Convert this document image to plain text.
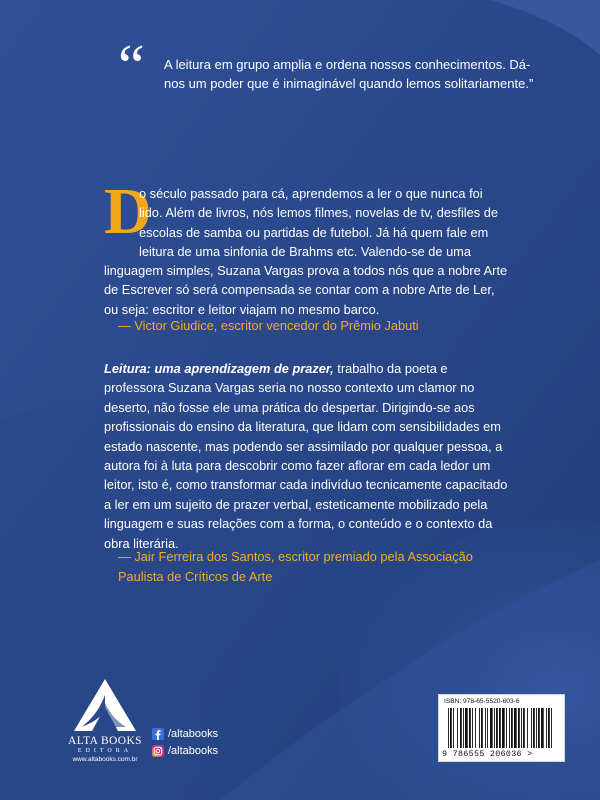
“ A leitura em grupo amplia e ordena nossos conhecimentos. Dá-nos um poder que é inimaginável quando lemos solitariamente.”
D
o século passado para cá, aprendemos a ler o que nunca foi lido. Além de livros, nós lemos filmes, novelas de tv, desfiles de escolas de samba ou partidas de futebol. Já há quem fale em leitura de uma sinfonia de Brahms etc. Valendo-se de uma linguagem simples, Suzana Vargas prova a todos nós que a nobre Arte de Escrever só será compensada se contar com a nobre Arte de Ler, ou seja: escritor e leitor viajam no mesmo barco.
— Victor Giudice, escritor vencedor do Prêmio Jabuti
Leitura: uma aprendizagem de prazer, trabalho da poeta e professora Suzana Vargas seria no nosso contexto um clamor no deserto, não fosse ele uma prática do despertar. Dirigindo-se aos profissionais do ensino da literatura, que lidam com sensibilidades em estado nascente, mas podendo ser assimilado por qualquer pessoa, a autora foi à luta para descobrir como fazer aflorar em cada ledor um leitor, isto é, como transformar cada indivíduo tecnicamente capacitado a ler em um sujeito de prazer verbal, esteticamente mobilizado pela linguagem e suas relações com a forma, o conteúdo e o contexto da obra literária.
— Jair Ferreira dos Santos, escritor premiado pela Associação Paulista de Críticos de Arte
ALTA BOOKS
EDITORA
www.altabooks.com.br
/altabooks
/altabooks
ISBN: 978-65-5520-603-6
9 786555 206036 >
